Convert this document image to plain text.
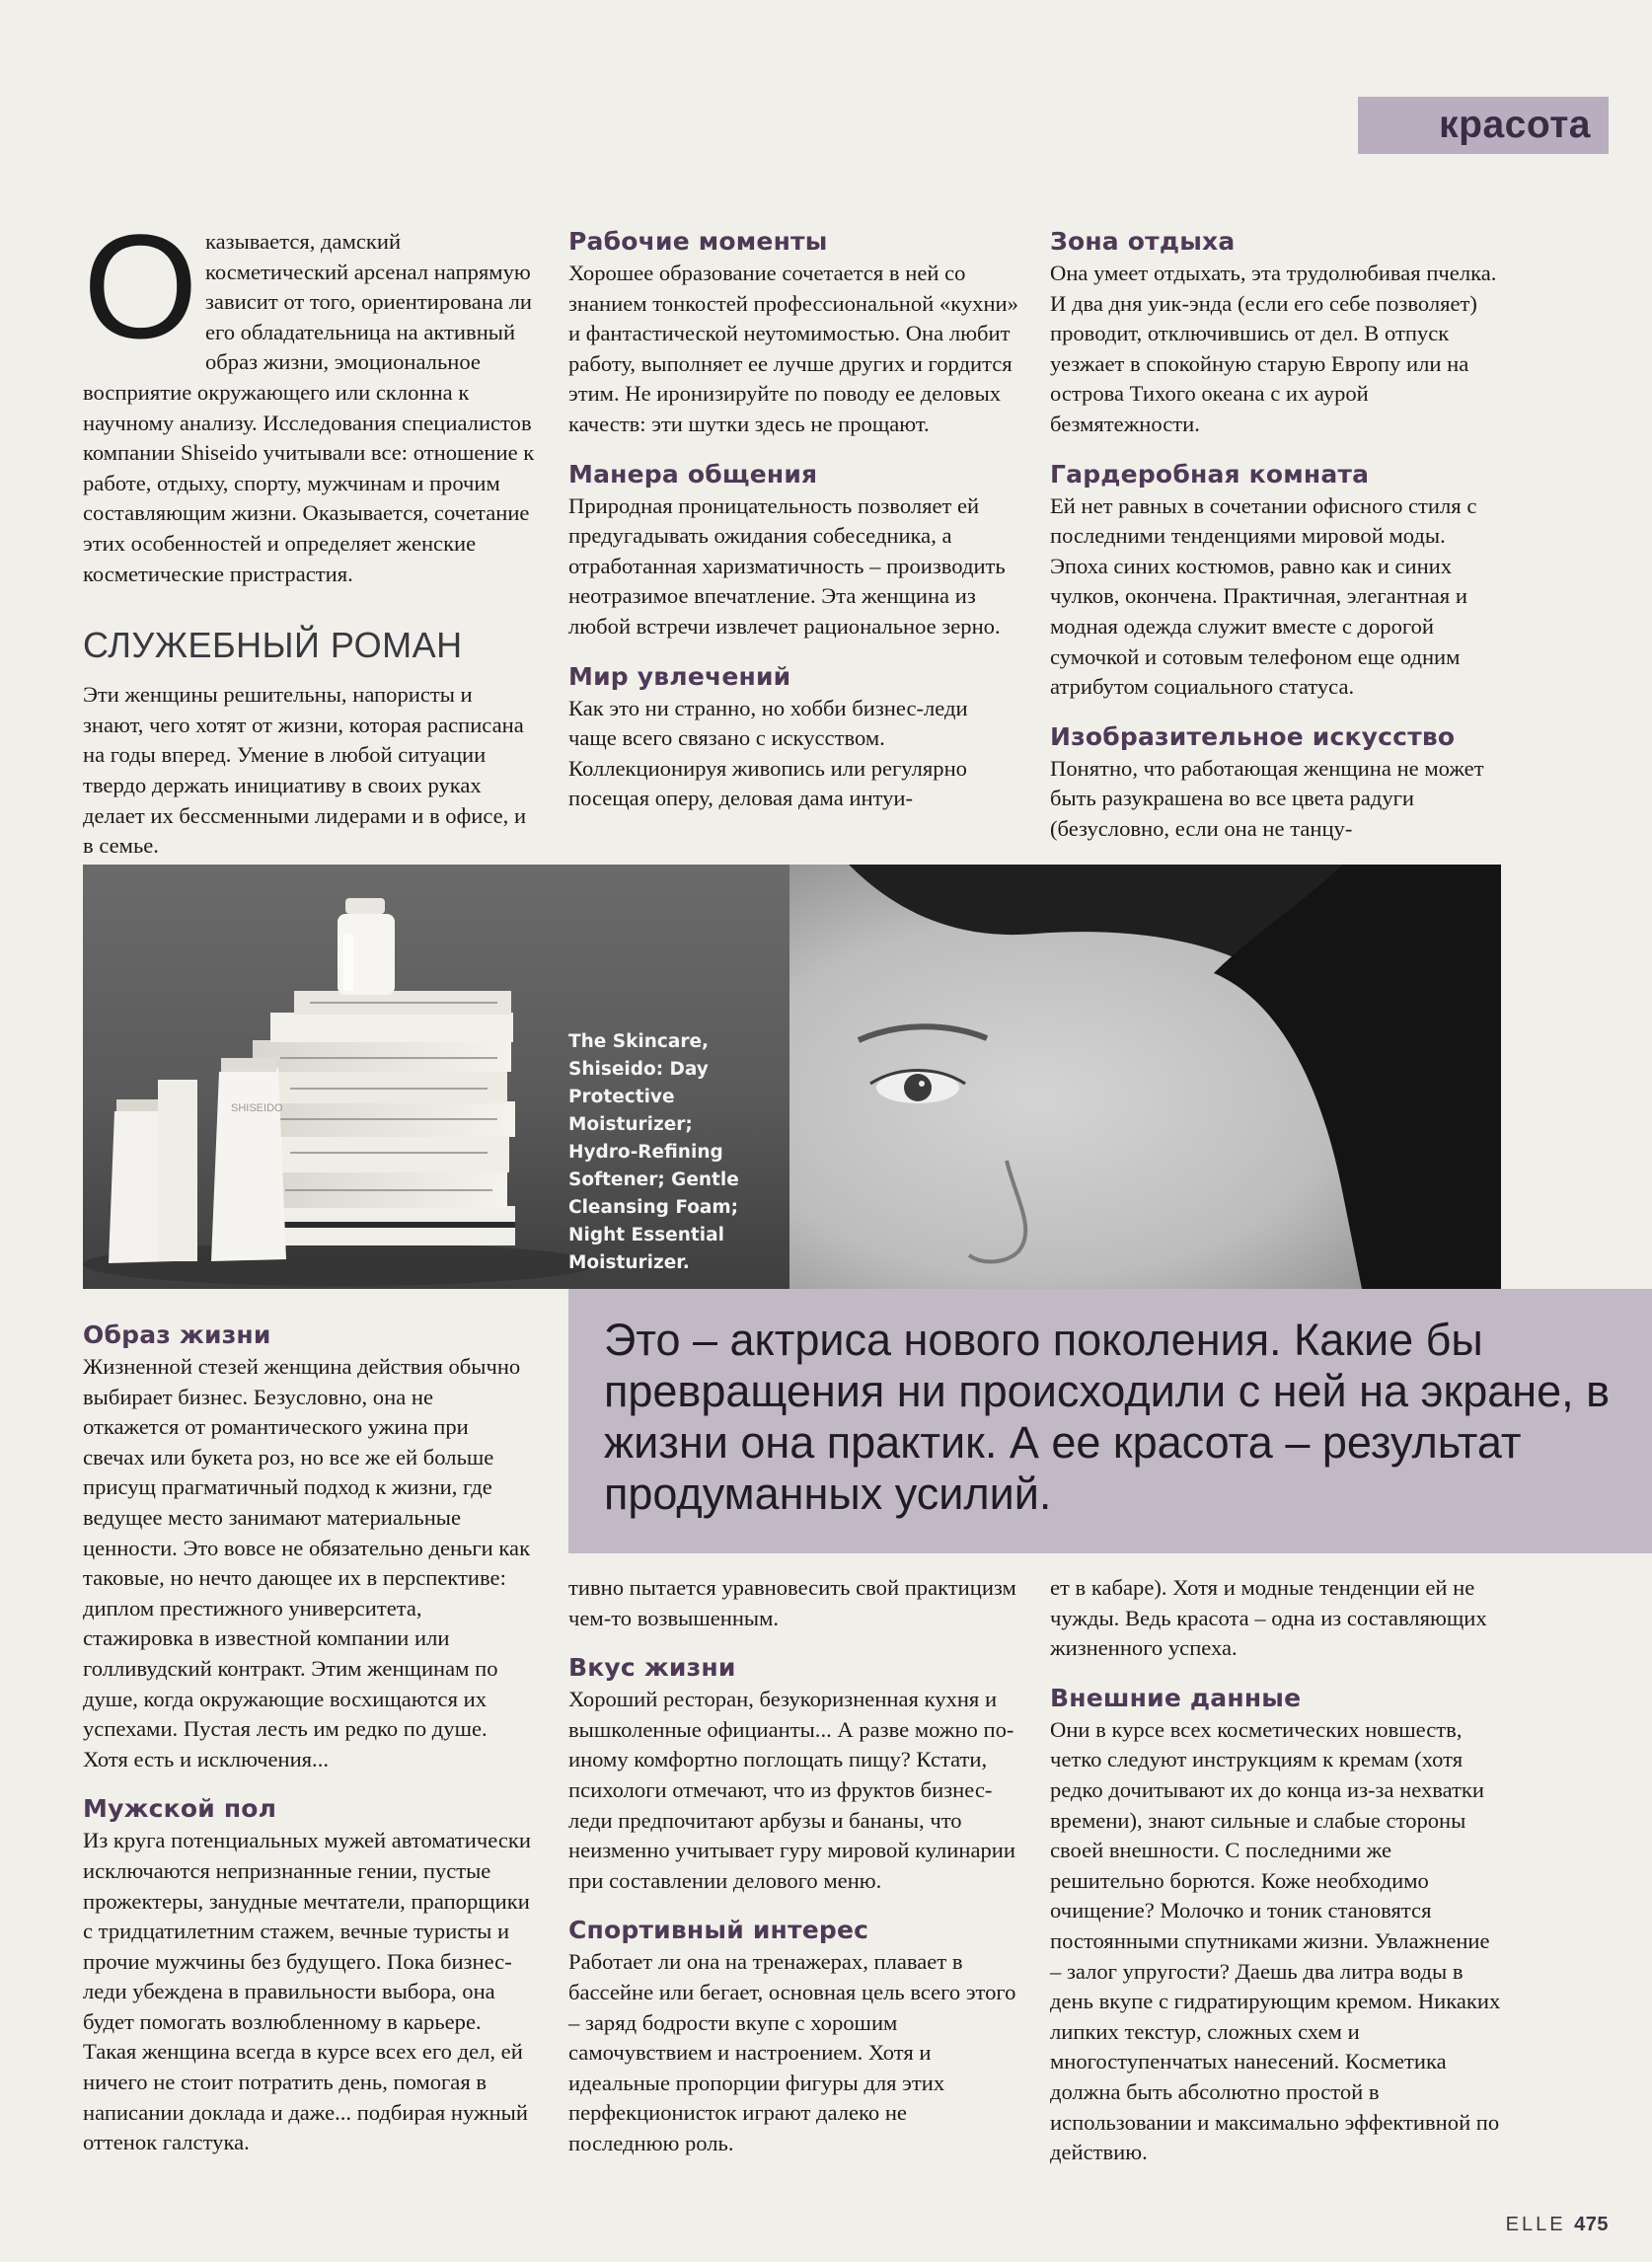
красота
О казывается, дамский косметический арсенал напрямую зависит от того, ориентирована ли его обладательница на активный образ жизни, эмоциональное восприятие окружающего или склонна к научному анализу. Исследования специалистов компании Shiseido учитывали все: отношение к работе, отдыху, спорту, мужчинам и прочим составляющим жизни. Оказывается, сочетание этих особенностей и определяет женские косметические пристрастия.

СЛУЖЕБНЫЙ РОМАН

Эти женщины решительны, напористы и знают, чего хотят от жизни, которая расписана на годы вперед. Умение в любой ситуации твердо держать инициативу в своих руках делает их бессменными лидерами и в офисе, и в семье.

Рабочие моменты

Хорошее образование сочетается в ней со знанием тонкостей профессиональной «кухни» и фантастической неутомимостью. Она любит работу, выполняет ее лучше других и гордится этим. Не иронизируйте по поводу ее деловых качеств: эти шутки здесь не прощают.

Манера общения

Природная проницательность позволяет ей предугадывать ожидания собеседника, а отработанная харизматичность – производить неотразимое впечатление. Эта женщина из любой встречи извлечет рациональное зерно.

Мир увлечений

Как это ни странно, но хобби бизнес-леди чаще всего связано с искусством. Коллекционируя живопись или регулярно посещая оперу, деловая дама интуи-

Зона отдыха

Она умеет отдыхать, эта трудолюбивая пчелка. И два дня уик-энда (если его себе позволяет) проводит, отключившись от дел. В отпуск уезжает в спокойную старую Европу или на острова Тихого океана с их аурой безмятежности.

Гардеробная комната

Ей нет равных в сочетании офисного стиля с последними тенденциями мировой моды. Эпоха синих костюмов, равно как и синих чулков, окончена. Практичная, элегантная и модная одежда служит вместе с дорогой сумочкой и сотовым телефоном еще одним атрибутом социального статуса.

Изобразительное искусство

Понятно, что работающая женщина не может быть разукрашена во все цвета радуги (безусловно, если она не танцу-

SHISEIDO
The Skincare,
Shiseido: Day
Protective
Moisturizer;
Hydro-Refining
Softener; Gentle
Cleansing Foam;
Night Essential
Moisturizer.

Это – актриса нового поколения. Какие бы превращения ни происходили с ней на экране, в жизни она практик. А ее красота – результат продуманных усилий.

Образ жизни

Жизненной стезей женщина действия обычно выбирает бизнес. Безусловно, она не откажется от романтического ужина при свечах или букета роз, но все же ей больше присущ прагматичный подход к жизни, где ведущее место занимают материальные ценности. Это вовсе не обязательно деньги как таковые, но нечто дающее их в перспективе: диплом престижного университета, стажировка в известной компании или голливудский контракт. Этим женщинам по душе, когда окружающие восхищаются их успехами. Пустая лесть им редко по душе. Хотя есть и исключения...

Мужской пол

Из круга потенциальных мужей автоматически исключаются непризнанные гении, пустые прожектеры, занудные мечтатели, прапорщики с тридцатилетним стажем, вечные туристы и прочие мужчины без будущего. Пока бизнес-леди убеждена в правильности выбора, она будет помогать возлюбленному в карьере. Такая женщина всегда в курсе всех его дел, ей ничего не стоит потратить день, помогая в написании доклада и даже... подбирая нужный оттенок галстука.

тивно пытается уравновесить свой практицизм чем-то возвышенным.

Вкус жизни

Хороший ресторан, безукоризненная кухня и вышколенные официанты... А разве можно по-иному комфортно поглощать пищу? Кстати, психологи отмечают, что из фруктов бизнес-леди предпочитают арбузы и бананы, что неизменно учитывает гуру мировой кулинарии при составлении делового меню.

Спортивный интерес

Работает ли она на тренажерах, плавает в бассейне или бегает, основная цель всего этого – заряд бодрости вкупе с хорошим самочувствием и настроением. Хотя и идеальные пропорции фигуры для этих перфекционисток играют далеко не последнюю роль.

ет в кабаре). Хотя и модные тенденции ей не чужды. Ведь красота – одна из составляющих жизненного успеха.

Внешние данные

Они в курсе всех косметических новшеств, четко следуют инструкциям к кремам (хотя редко дочитывают их до конца из-за нехватки времени), знают сильные и слабые стороны своей внешности. С последними же решительно борются. Коже необходимо очищение? Молочко и тоник становятся постоянными спутниками жизни. Увлажнение – залог упругости? Даешь два литра воды в день вкупе с гидратирующим кремом. Никаких липких текстур, сложных схем и многоступенчатых нанесений. Косметика должна быть абсолютно простой в использовании и максимально эффективной по действию.

ELLE 475
